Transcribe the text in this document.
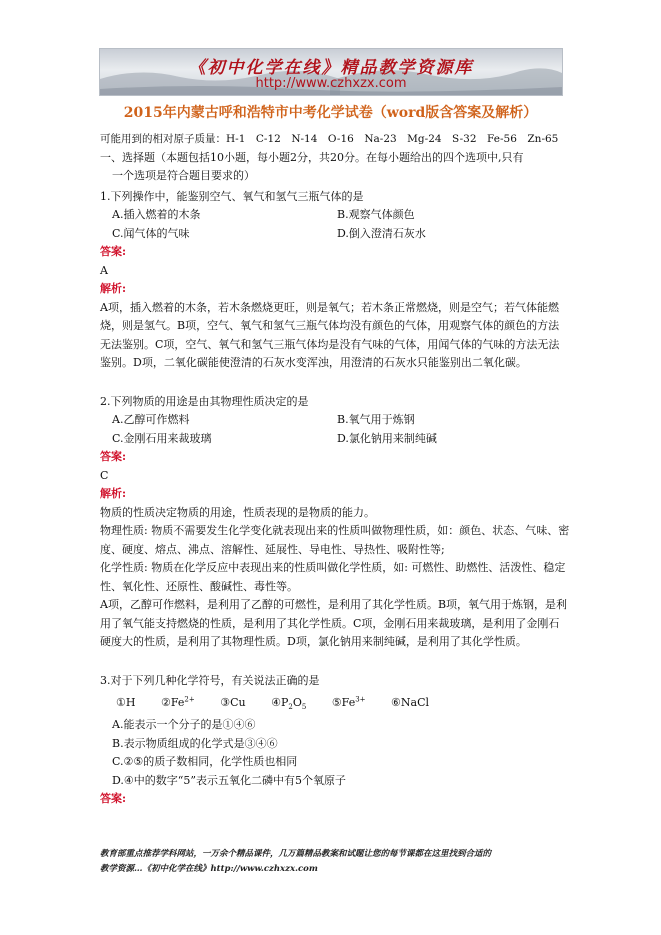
《初中化学在线》精品教学资源库
http://www.czhxzx.com
2015年内蒙古呼和浩特市中考化学试卷（word版含答案及解析）
可能用到的相对原子质量：H-1　C-12　N-14　O-16　Na-23　Mg-24　S-32　Fe-56　Zn-65
一、选择题（本题包括10小题，每小题2分，共20分。在每小题给出的四个选项中,只有
一个选项是符合题目要求的）
1.下列操作中，能鉴别空气、氧气和氢气三瓶气体的是
A.插入燃着的木条	B.观察气体颜色
C.闻气体的气味	D.倒入澄清石灰水
答案:
A
解析:
A项，插入燃着的木条，若木条燃烧更旺，则是氧气；若木条正常燃烧，则是空气；若气体能燃烧，则是氢气。B项，空气、氧气和氢气三瓶气体均没有颜色的气体，用观察气体的颜色的方法无法鉴别。C项，空气、氧气和氢气三瓶气体均是没有气味的气体，用闻气体的气味的方法无法鉴别。D项，二氧化碳能使澄清的石灰水变浑浊，用澄清的石灰水只能鉴别出二氧化碳。
2.下列物质的用途是由其物理性质决定的是
A.乙醇可作燃料	B.氧气用于炼钢
C.金刚石用来裁玻璃	D.氯化钠用来制纯碱
答案:
C
解析:
物质的性质决定物质的用途，性质表现的是物质的能力。
物理性质: 物质不需要发生化学变化就表现出来的性质叫做物理性质，如：颜色、状态、气味、密度、硬度、熔点、沸点、溶解性、延展性、导电性、导热性、吸附性等;
化学性质: 物质在化学反应中表现出来的性质叫做化学性质，如: 可燃性、助燃性、活泼性、稳定性、氧化性、还原性、酸碱性、毒性等。
A项，乙醇可作燃料，是利用了乙醇的可燃性，是利用了其化学性质。B项，氧气用于炼钢，是利用了氧气能支持燃烧的性质，是利用了其化学性质。C项，金刚石用来裁玻璃，是利用了金刚石硬度大的性质，是利用了其物理性质。D项，氯化钠用来制纯碱，是利用了其化学性质。
3.对于下列几种化学符号，有关说法正确的是
①H $②Fe^{2+}$ ③Cu $④P_2O_5$ $⑤Fe^{3+}$ ⑥NaCl
A.能表示一个分子的是①④⑥
B.表示物质组成的化学式是③④⑥
C.②⑤的质子数相同，化学性质也相同
D.④中的数字“5”表示五氧化二磷中有5个氧原子
答案:
教育部重点推荐学科网站，一万余个精品课件，几万篇精品教案和试题让您的每节课都在这里找到合适的
教学资源…《初中化学在线》http://www.czhxzx.com
